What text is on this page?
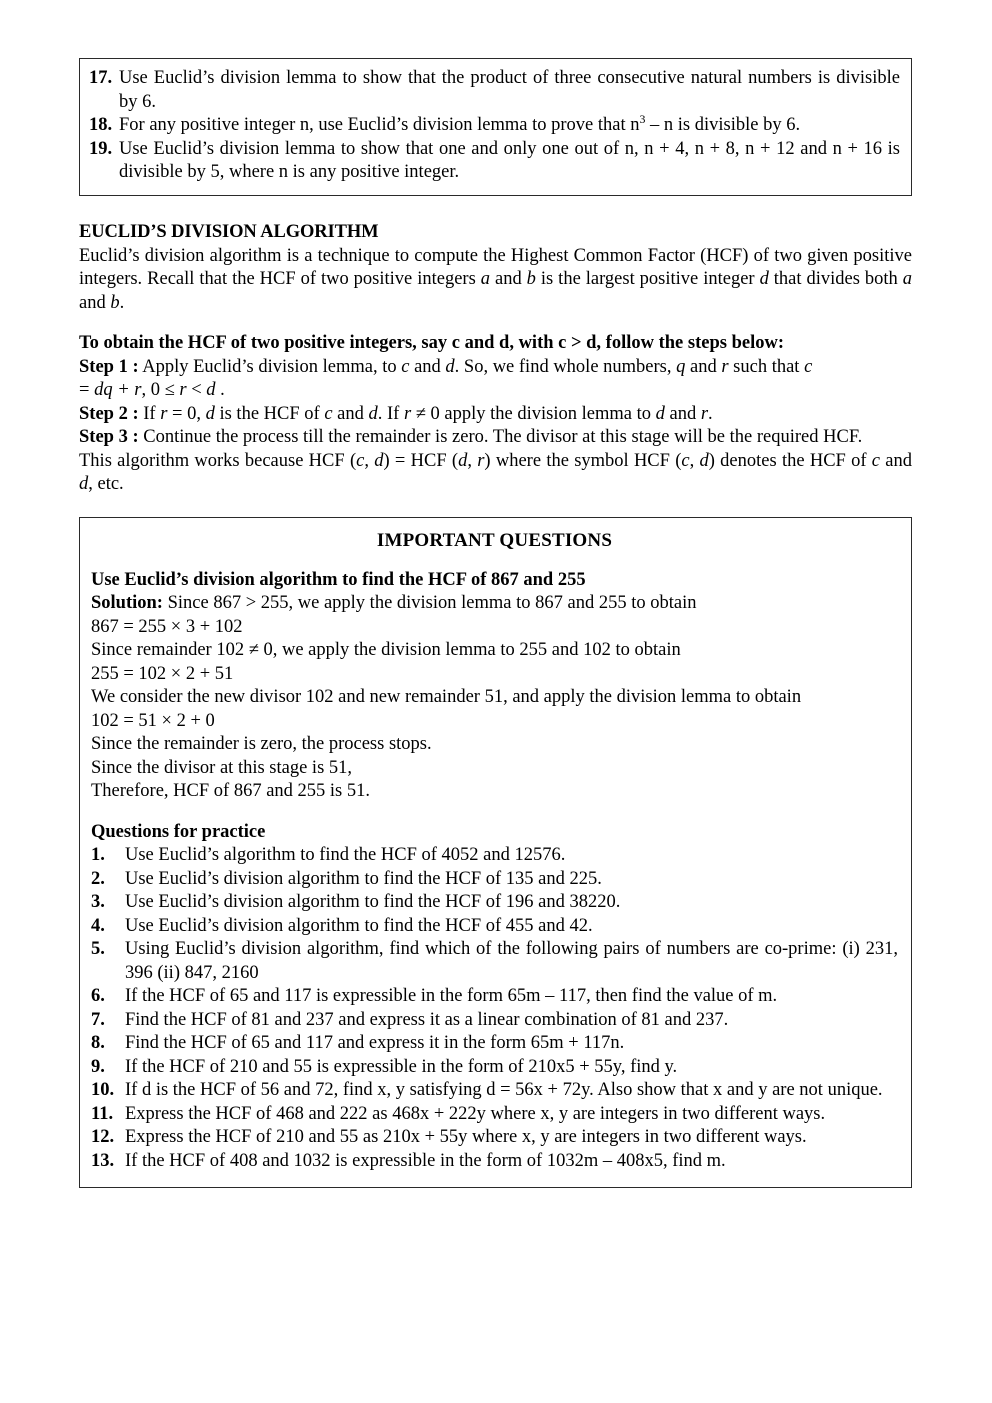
17. Use Euclid’s division lemma to show that the product of three consecutive natural numbers is divisible by 6.
18. For any positive integer n, use Euclid’s division lemma to prove that $n^3$ – n is divisible by 6.
19. Use Euclid’s division lemma to show that one and only one out of n, n + 4, n + 8, n + 12 and n + 16 is divisible by 5, where n is any positive integer.
EUCLID’S DIVISION ALGORITHM
Euclid’s division algorithm is a technique to compute the Highest Common Factor (HCF) of two given positive integers. Recall that the HCF of two positive integers a and b is the largest positive integer d that divides both a and b.
To obtain the HCF of two positive integers, say c and d, with c > d, follow the steps below:
Step 1 : Apply Euclid’s division lemma, to c and d. So, we find whole numbers, q and r such that c
= dq + r, 0 ≤ r < d .
Step 2 : If r = 0, d is the HCF of c and d. If r ≠ 0 apply the division lemma to d and r.
Step 3 : Continue the process till the remainder is zero. The divisor at this stage will be the required HCF.
This algorithm works because HCF (c, d) = HCF (d, r) where the symbol HCF (c, d) denotes the HCF of c and d, etc.
IMPORTANT QUESTIONS
Use Euclid’s division algorithm to find the HCF of 867 and 255
Solution: Since 867 > 255, we apply the division lemma to 867 and 255 to obtain
867 = 255 × 3 + 102
Since remainder 102 ≠ 0, we apply the division lemma to 255 and 102 to obtain
255 = 102 × 2 + 51
We consider the new divisor 102 and new remainder 51, and apply the division lemma to obtain
102 = 51 × 2 + 0
Since the remainder is zero, the process stops.
Since the divisor at this stage is 51,
Therefore, HCF of 867 and 255 is 51.
Questions for practice
1.	Use Euclid’s algorithm to find the HCF of 4052 and 12576.
2.	Use Euclid’s division algorithm to find the HCF of 135 and 225.
3.	Use Euclid’s division algorithm to find the HCF of 196 and 38220.
4.	Use Euclid’s division algorithm to find the HCF of 455 and 42.
5.	Using Euclid’s division algorithm, find which of the following pairs of numbers are co-prime: (i) 231, 396 (ii) 847, 2160
6.	If the HCF of 65 and 117 is expressible in the form 65m – 117, then find the value of m.
7.	Find the HCF of 81 and 237 and express it as a linear combination of 81 and 237.
8.	Find the HCF of 65 and 117 and express it in the form 65m + 117n.
9.	If the HCF of 210 and 55 is expressible in the form of 210x5 + 55y, find y.
10. If d is the HCF of 56 and 72, find x, y satisfying d = 56x + 72y. Also show that x and y are not unique.
11. Express the HCF of 468 and 222 as 468x + 222y where x, y are integers in two different ways.
12. Express the HCF of 210 and 55 as 210x + 55y where x, y are integers in two different ways.
13. If the HCF of 408 and 1032 is expressible in the form of 1032m – 408x5, find m.
